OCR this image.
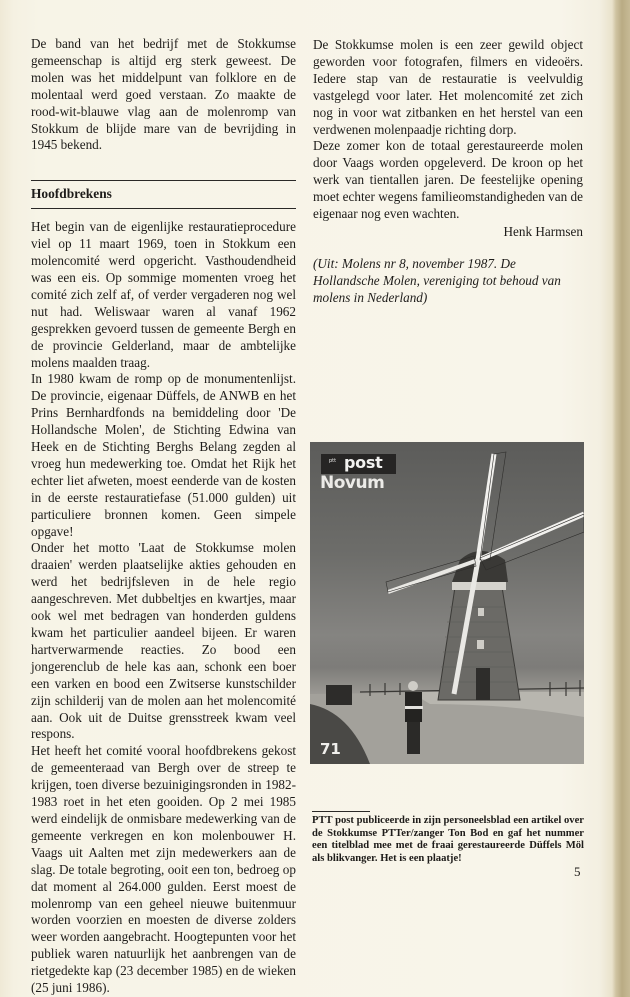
De band van het bedrijf met de Stokkumse gemeenschap is altijd erg sterk geweest. De molen was het middelpunt van folklore en de molentaal werd goed verstaan. Zo maakte de rood-wit-blauwe vlag aan de molenromp van Stokkum de blijde mare van de bevrijding in 1945 bekend.

Hoofdbrekens

Het begin van de eigenlijke restauratieprocedure viel op 11 maart 1969, toen in Stokkum een molencomité werd opgericht. Vasthoudendheid was een eis. Op sommige momenten vroeg het comité zich zelf af, of verder vergaderen nog wel nut had. Weliswaar waren al vanaf 1962 gesprekken gevoerd tussen de gemeente Bergh en de provincie Gelderland, maar de ambtelijke molens maalden traag.

In 1980 kwam de romp op de monumentenlijst. De provincie, eigenaar Düffels, de ANWB en het Prins Bernhardfonds na bemiddeling door 'De Hollandsche Molen', de Stichting Edwina van Heek en de Stichting Berghs Belang zegden al vroeg hun medewerking toe. Omdat het Rijk het echter liet afweten, moest eenderde van de kosten in de eerste restauratiefase (51.000 gulden) uit particuliere bronnen komen. Geen simpele opgave!

Onder het motto 'Laat de Stokkumse molen draaien' werden plaatselijke akties gehouden en werd het bedrijfsleven in de hele regio aangeschreven. Met dubbeltjes en kwartjes, maar ook wel met bedragen van honderden guldens kwam het particulier aandeel bijeen. Er waren hartverwarmende reacties. Zo bood een jongerenclub de hele kas aan, schonk een boer een varken en bood een Zwitserse kunstschilder zijn schilderij van de molen aan het molencomité aan. Ook uit de Duitse grensstreek kwam veel respons.

Het heeft het comité vooral hoofdbrekens gekost de gemeenteraad van Bergh over de streep te krijgen, toen diverse bezuinigingsronden in 1982-1983 roet in het eten gooiden. Op 2 mei 1985 werd eindelijk de onmisbare medewerking van de gemeente verkregen en kon molenbouwer H. Vaags uit Aalten met zijn medewerkers aan de slag. De totale begroting, ooit een ton, bedroeg op dat moment al 264.000 gulden. Eerst moest de molenromp van een geheel nieuwe buitenmuur worden voorzien en moesten de diverse zolders weer worden aangebracht. Hoogtepunten voor het publiek waren natuurlijk het aanbrengen van de rietgedekte kap (23 december 1985) en de wieken (25 juni 1986).

De Stokkumse molen is een zeer gewild object geworden voor fotografen, filmers en videoërs. Iedere stap van de restauratie is veelvuldig vastgelegd voor later. Het molencomité zet zich nog in voor wat zitbanken en het herstel van een verdwenen molenpaadje richting dorp.

Deze zomer kon de totaal gerestaureerde molen door Vaags worden opgeleverd. De kroon op het werk van tientallen jaren. De feestelijke opening moet echter wegens familieomstandigheden van de eigenaar nog even wachten.

Henk Harmsen

(Uit: Molens nr 8, november 1987. De Hollandsche Molen, vereniging tot behoud van molens in Nederland)

ptt post
Novum
71
PTT post publiceerde in zijn personeelsblad een artikel over de Stokkumse PTTer/zanger Ton Bod en gaf het nummer een titelblad mee met de fraai gerestaureerde Düffels Möl als blikvanger. Het is een plaatje!
5
